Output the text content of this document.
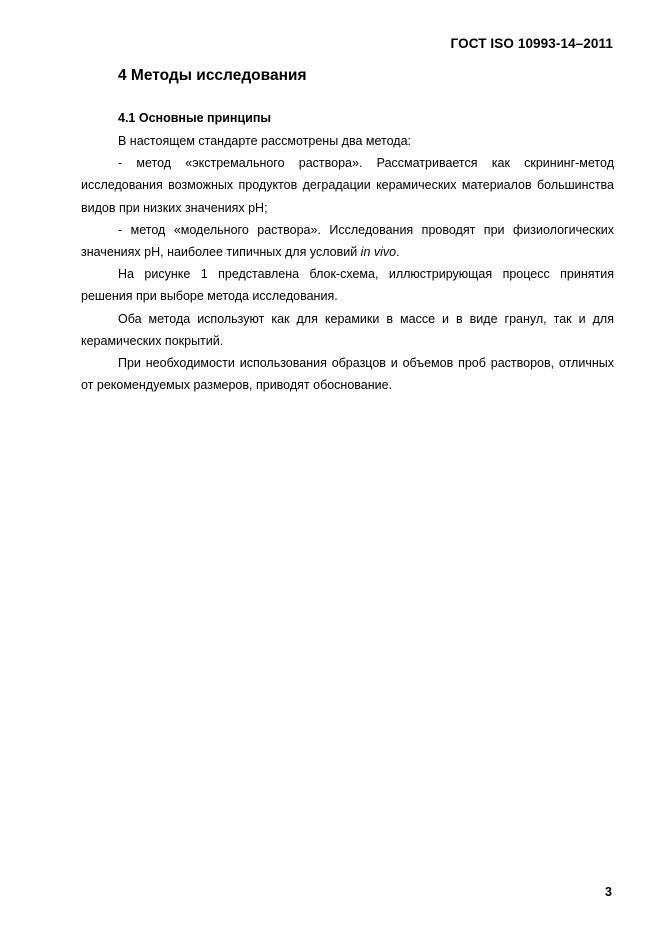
ГОСТ ISO 10993-14–2011
4 Методы исследования
4.1 Основные принципы

В настоящем стандарте рассмотрены два метода:

- метод «экстремального раствора». Рассматривается как скрининг-метод исследования возможных продуктов деградации керамических материалов большинства видов при низких значениях pH;

- метод «модельного раствора». Исследования проводят при физиологических значениях pH, наиболее типичных для условий in vivo.

На рисунке 1 представлена блок-схема, иллюстрирующая процесс принятия решения при выборе метода исследования.

Оба метода используют как для керамики в массе и в виде гранул, так и для керамических покрытий.

При необходимости использования образцов и объемов проб растворов, отличных от рекомендуемых размеров, приводят обоснование.

3
